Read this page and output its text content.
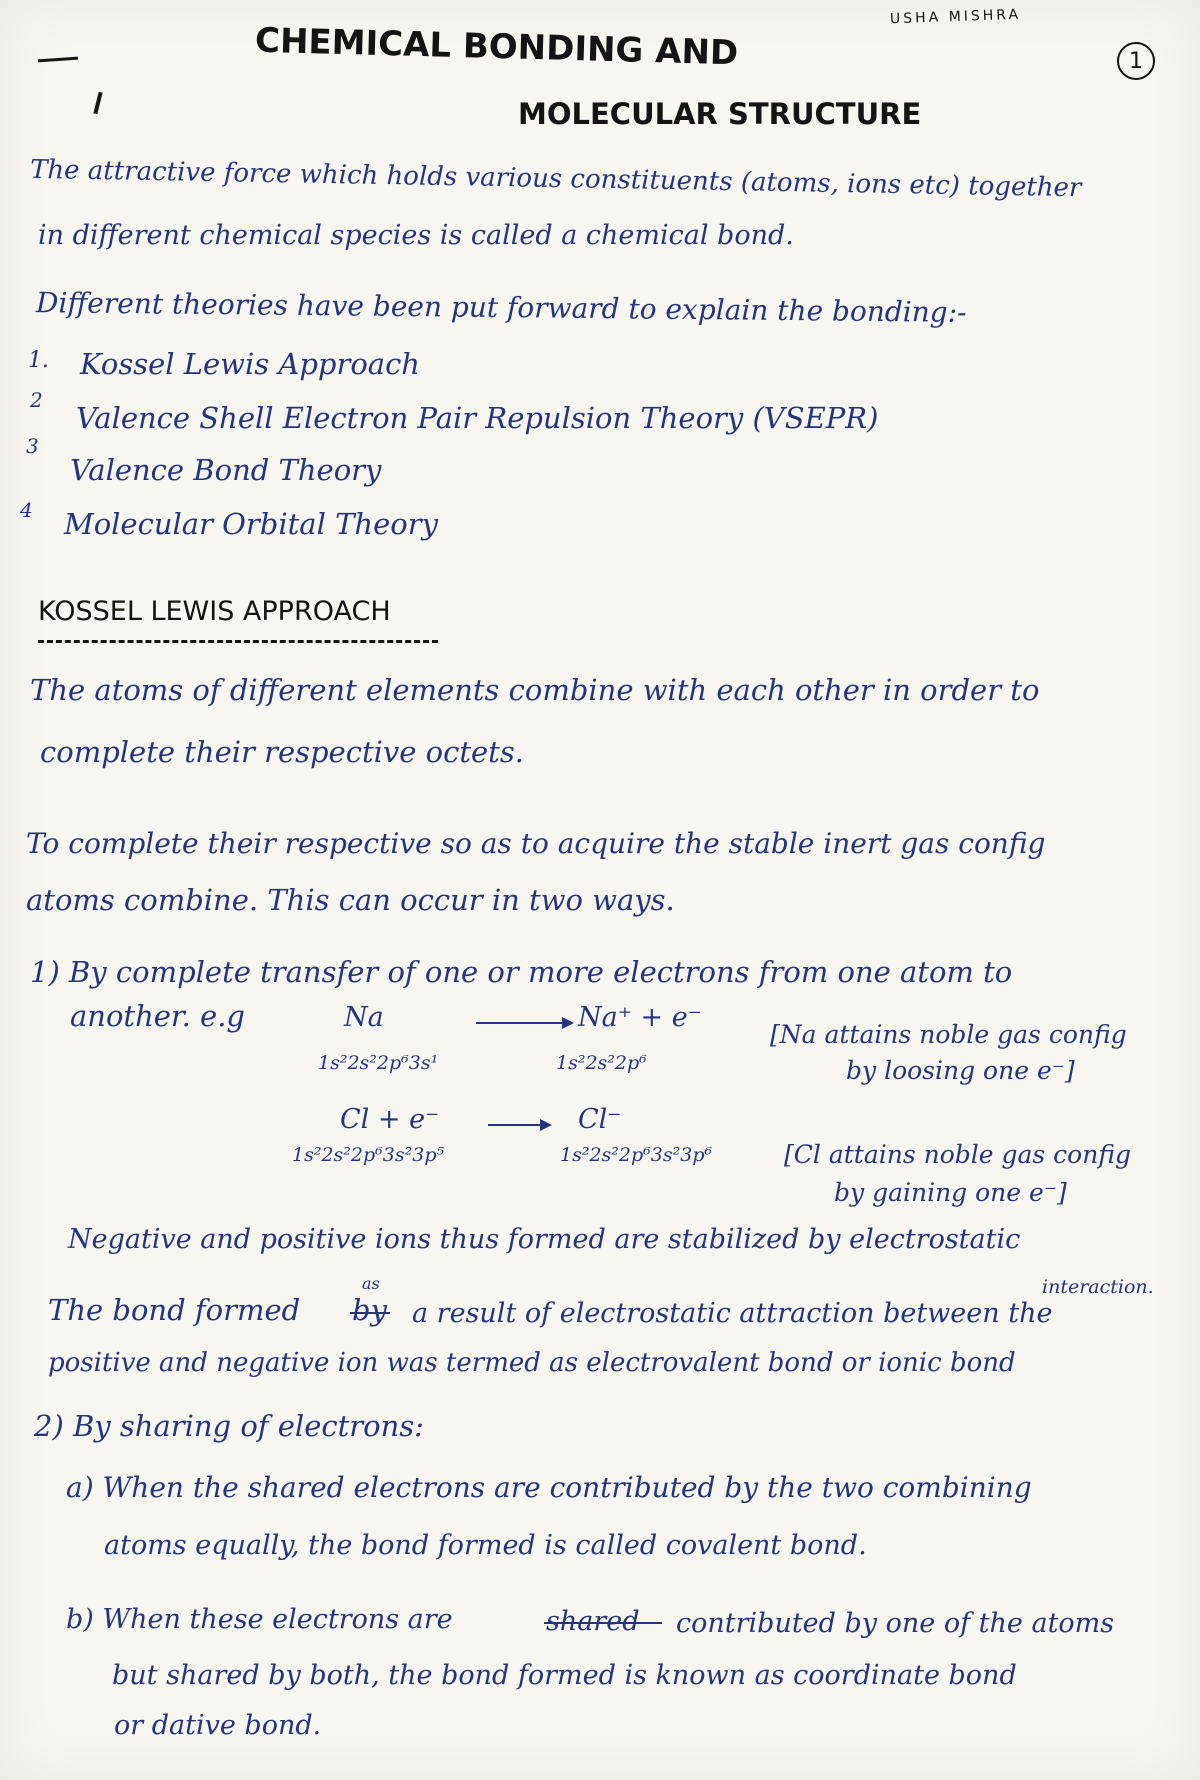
USHA MISHRA
1
CHEMICAL BONDING AND
MOLECULAR STRUCTURE
The attractive force which holds various constituents (atoms, ions etc) together
in different chemical species is called a chemical bond.
Different theories have been put forward to explain the bonding:-
1. Kossel Lewis Approach
2
Valence Shell Electron Pair Repulsion Theory (VSEPR)
3
Valence Bond Theory
4 Molecular Orbital Theory
KOSSEL LEWIS APPROACH
The atoms of different elements combine with each other in order to
complete their respective octets.
To complete their respective so as to acquire the stable inert gas config
atoms combine. This can occur in two ways.
1) By complete transfer of one or more electrons from one atom to
another. e.g	Na	Na⁺ + e⁻
1s²2s²2p⁶3s¹	1s²2s²2p⁶
[Na attains noble gas config
by loosing one e⁻]
Cl + e⁻	Cl⁻
1s²2s²2p⁶3s²3p⁵	1s²2s²2p⁶3s²3p⁶	[Cl attains noble gas config
by gaining one e⁻]
Negative and positive ions thus formed are stabilized by electrostatic
interaction.
The bond formed by
as
a result of electrostatic attraction between the
positive and negative ion was termed as electrovalent bond or ionic bond
2) By sharing of electrons:
a) When the shared electrons are contributed by the two combining
atoms equally, the bond formed is called covalent bond.
b) When these electrons are	shared contributed by one of the atoms
but shared by both, the bond formed is known as coordinate bond
or dative bond.
